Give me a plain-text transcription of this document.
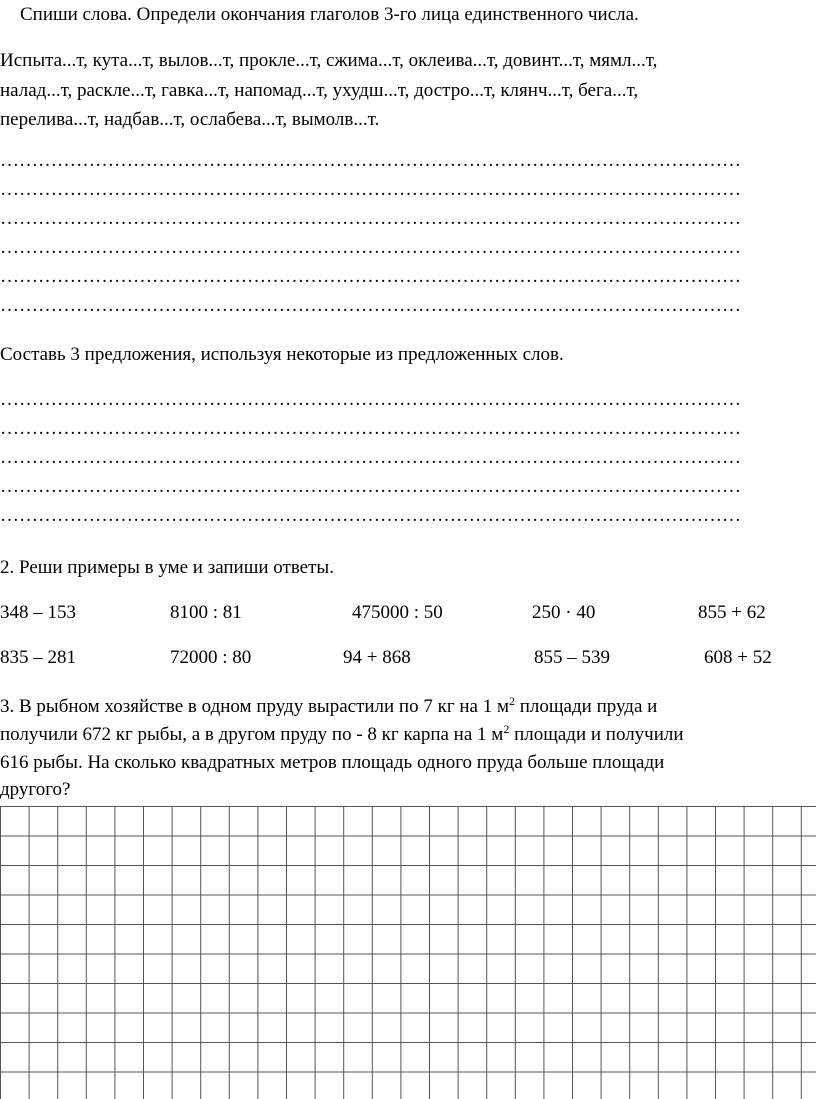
Спиши слова. Определи окончания глаголов 3-го лица единственного числа.
Испыта...т, кута...т, вылов...т, прокле...т, сжима...т, оклеива...т, довинт...т, мямл...т,
налад...т, раскле...т, гавка...т, напомад...т, ухудш...т, достро...т, клянч...т, бега...т,
перелива...т, надбав...т, ослабева...т, вымолв...т.
………………………………………………………………………………………………………
………………………………………………………………………………………………………
………………………………………………………………………………………………………
………………………………………………………………………………………………………
………………………………………………………………………………………………………
………………………………………………………………………………………………………
Составь 3 предложения, используя некоторые из предложенных слов.
………………………………………………………………………………………………………
………………………………………………………………………………………………………
………………………………………………………………………………………………………
………………………………………………………………………………………………………
………………………………………………………………………………………………………
2. Реши примеры в уме и запиши ответы.
348 – 153	8100 : 81	475000 : 50	250 · 40	855 + 62
835 – 281	72000 : 80	94 + 868	855 – 539	608 + 52
3. В рыбном хозяйстве в одном пруду вырастили по 7 кг на 1 $м^2$ площади пруда и
получили 672 кг рыбы, а в другом пруду по - 8 кг карпа на 1 $м^2$ площади и получили
616 рыбы. На сколько квадратных метров площадь одного пруда больше площади
другого?
